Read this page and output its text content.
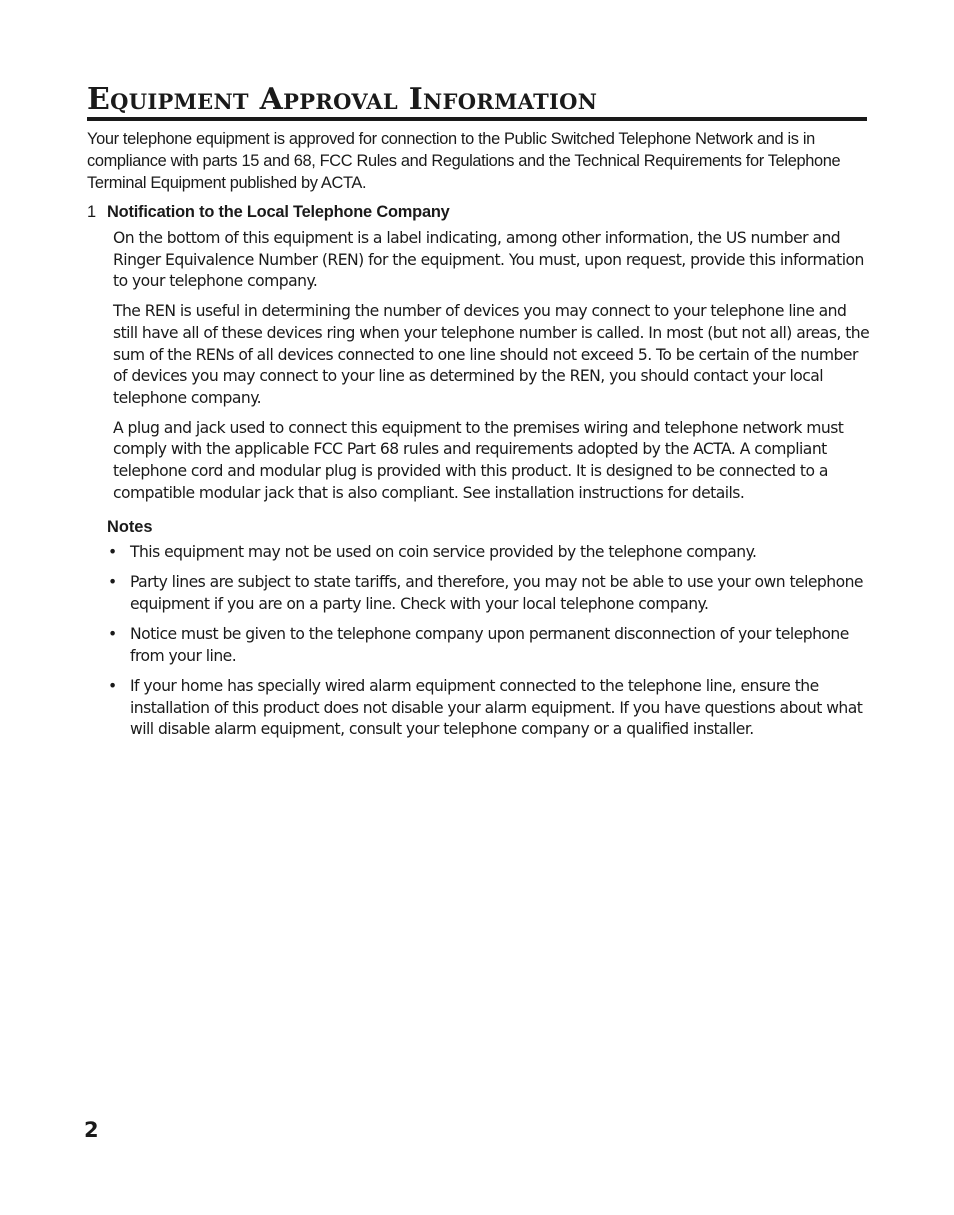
Equipment Approval Information

Your telephone equipment is approved for connection to the Public Switched Telephone Network and is in compliance with parts 15 and 68, FCC Rules and Regulations and the Technical Requirements for Telephone Terminal Equipment published by ACTA.

1 Notification to the Local Telephone Company

On the bottom of this equipment is a label indicating, among other information, the US number and Ringer Equivalence Number (REN) for the equipment. You must, upon request, provide this information to your telephone company.

The REN is useful in determining the number of devices you may connect to your telephone line and still have all of these devices ring when your telephone number is called. In most (but not all) areas, the sum of the RENs of all devices connected to one line should not exceed 5. To be certain of the number of devices you may connect to your line as determined by the REN, you should contact your local telephone company.

A plug and jack used to connect this equipment to the premises wiring and telephone network must comply with the applicable FCC Part 68 rules and requirements adopted by the ACTA. A compliant telephone cord and modular plug is provided with this product. It is designed to be connected to a compatible modular jack that is also compliant. See installation instructions for details.

Notes

• This equipment may not be used on coin service provided by the telephone company.
• Party lines are subject to state tariffs, and therefore, you may not be able to use your own telephone equipment if you are on a party line. Check with your local telephone company.
• Notice must be given to the telephone company upon permanent disconnection of your telephone from your line.
• If your home has specially wired alarm equipment connected to the telephone line, ensure the installation of this product does not disable your alarm equipment. If you have questions about what will disable alarm equipment, consult your telephone company or a qualified installer.
2
